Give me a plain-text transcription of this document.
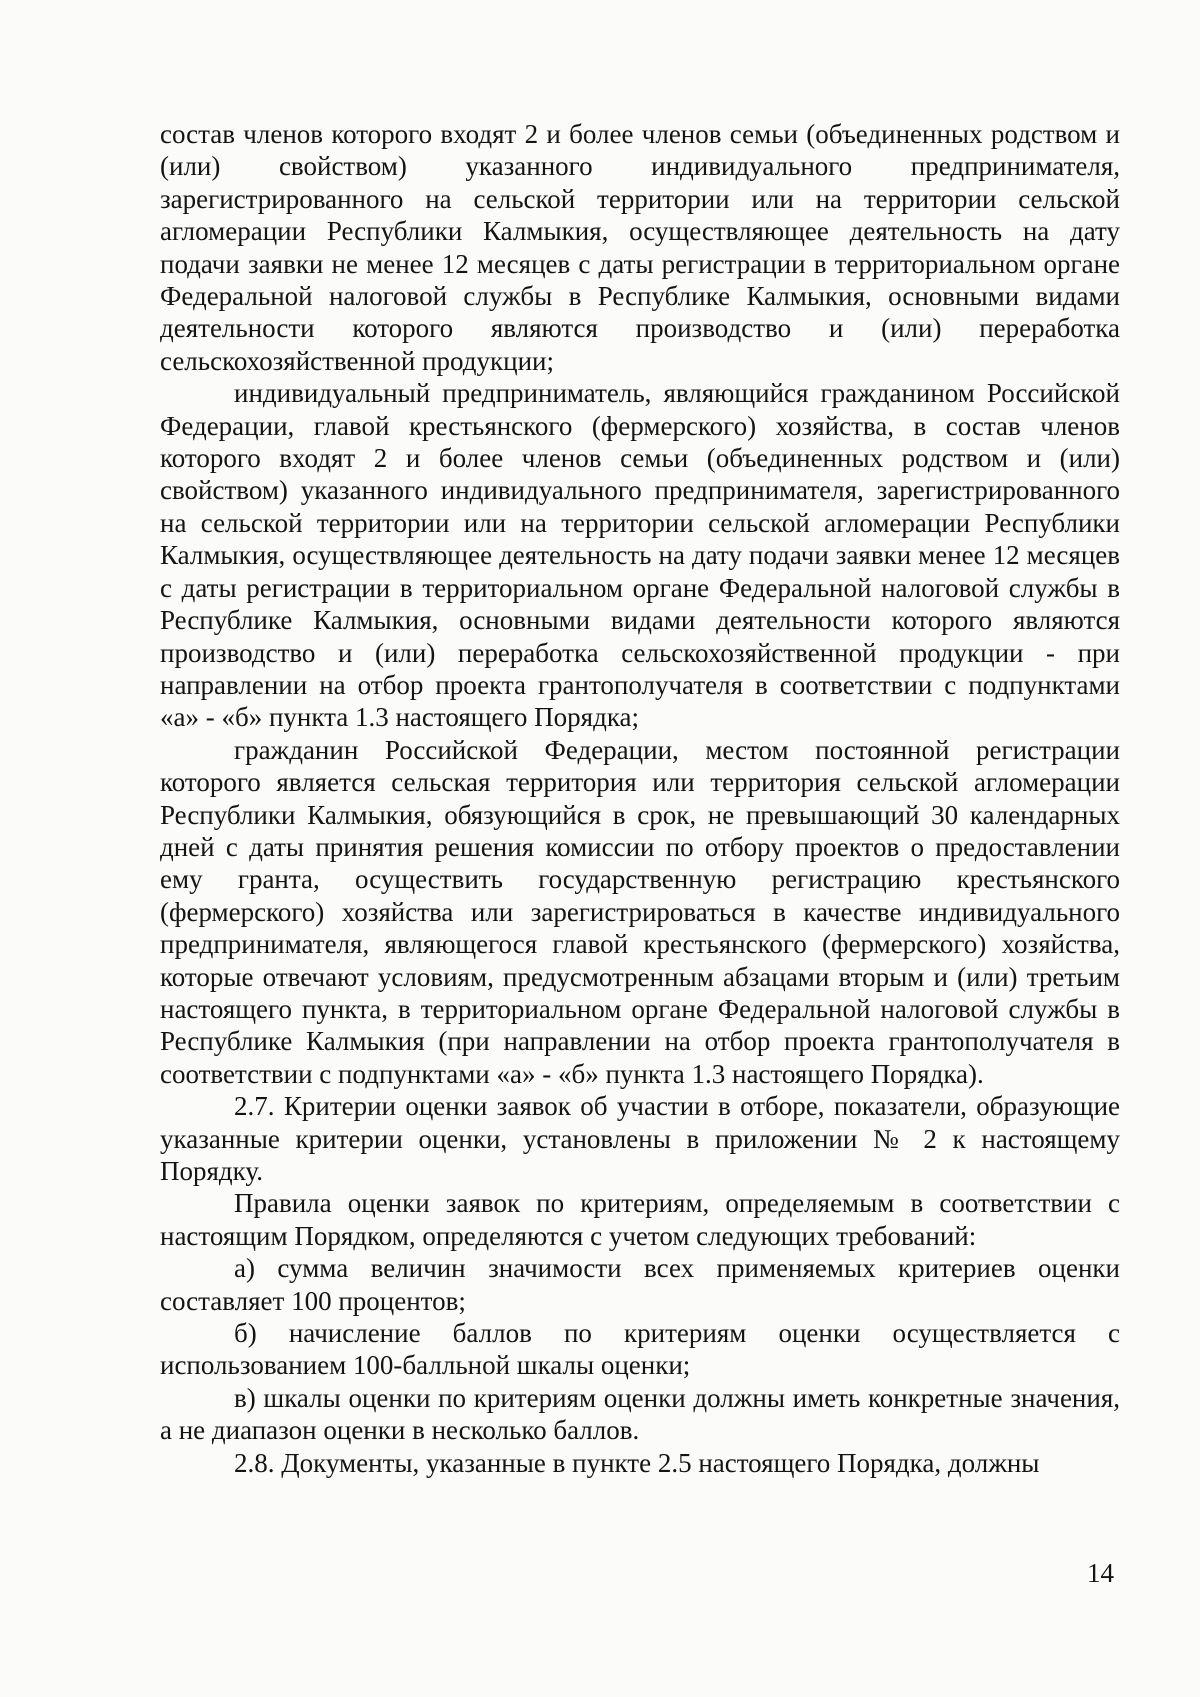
состав членов которого входят 2 и более членов семьи (объединенных родством и (или) свойством) указанного индивидуального предпринимателя, зарегистрированного на сельской территории или на территории сельской агломерации Республики Калмыкия, осуществляющее деятельность на дату подачи заявки не менее 12 месяцев с даты регистрации в территориальном органе Федеральной налоговой службы в Республике Калмыкия, основными видами деятельности которого являются производство и (или) переработка сельскохозяйственной продукции;

индивидуальный предприниматель, являющийся гражданином Российской Федерации, главой крестьянского (фермерского) хозяйства, в состав членов которого входят 2 и более членов семьи (объединенных родством и (или) свойством) указанного индивидуального предпринимателя, зарегистрированного на сельской территории или на территории сельской агломерации Республики Калмыкия, осуществляющее деятельность на дату подачи заявки менее 12 месяцев с даты регистрации в территориальном органе Федеральной налоговой службы в Республике Калмыкия, основными видами деятельности которого являются производство и (или) переработка сельскохозяйственной продукции - при направлении на отбор проекта грантополучателя в соответствии с подпунктами «а» - «б» пункта 1.3 настоящего Порядка;

гражданин Российской Федерации, местом постоянной регистрации которого является сельская территория или территория сельской агломерации Республики Калмыкия, обязующийся в срок, не превышающий 30 календарных дней с даты принятия решения комиссии по отбору проектов о предоставлении ему гранта, осуществить государственную регистрацию крестьянского (фермерского) хозяйства или зарегистрироваться в качестве индивидуального предпринимателя, являющегося главой крестьянского (фермерского) хозяйства, которые отвечают условиям, предусмотренным абзацами вторым и (или) третьим настоящего пункта, в территориальном органе Федеральной налоговой службы в Республике Калмыкия (при направлении на отбор проекта грантополучателя в соответствии с подпунктами «а» - «б» пункта 1.3 настоящего Порядка).

2.7. Критерии оценки заявок об участии в отборе, показатели, образующие указанные критерии оценки, установлены в приложении № 2 к настоящему Порядку.

Правила оценки заявок по критериям, определяемым в соответствии с настоящим Порядком, определяются с учетом следующих требований:

а) сумма величин значимости всех применяемых критериев оценки составляет 100 процентов;

б) начисление баллов по критериям оценки осуществляется с использованием 100-балльной шкалы оценки;

в) шкалы оценки по критериям оценки должны иметь конкретные значения, а не диапазон оценки в несколько баллов.

2.8. Документы, указанные в пункте 2.5 настоящего Порядка, должны

14
